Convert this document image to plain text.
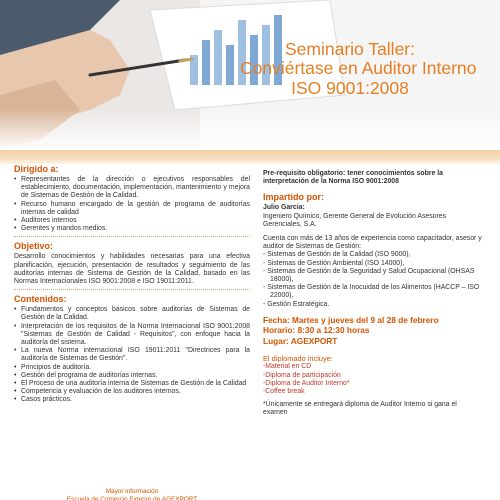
Seminario Taller:
Conviértase en Auditor Interno
ISO 9001:2008
Dirigido a:
• Representantes de la dirección o ejecutivos responsables del establecimiento, documentación, implementación, mantenimiento y mejora de Sistemas de Gestión de la Calidad.
• Recurso humano encargado de la gestión de programa de auditorías internas de calidad
• Auditores internos
• Gerentes y mandos medios.
Objetivo:
Desarrollo conocimientos y habilidades necesarias para una efectiva planificación, ejecución, presentación de resultados y seguimiento de las auditorías internas de Sistema de Gestión de la Calidad, basado en las Normas Internacionales ISO 9001:2008 e ISO 19011:2011.
Contenidos:
• Fundamentos y conceptos básicos sobre auditorías de Sistemas de Gestión de la Calidad.
• Interpretación de los requisitos de la Norma Internacional ISO 9001:2008 "Sistemas de Gestión de Calidad - Requisitos", con enfoque hacia la auditoría del sistema.
• La nueva Norma internacional ISO 19011:2011 "Directrices para la auditoría de Sistemas de Gestión".
• Principios de auditoría.
• Gestión del programa de auditorías internas.
• El Proceso de una auditoría interna de Sistemas de Gestión de la Calidad
• Competencia y evaluación de los auditores internos.
• Casos prácticos.
Mayor información
Escuela de Comercio Exterior de AGEXPORT
Pre-requisito obligatorio: tener conocimientos sobre la interpretación de la Norma ISO 9001:2008
Impartido por:
Julio Garcia:
Ingeniero Químico, Gerente General de Evolución Asesores Gerenciales, S.A.
Cuenta con más de 13 años de experiencia como capacitador, asesor y auditor de Sistemas de Gestión:
- Sistemas de Gestión de la Calidad (ISO 9000),
- Sistemas de Gestión Ambiental (ISO 14000),
- Sistemas de Gestión de la Seguridad y Salud Ocupacional (OHSAS 18000),
- Sistemas de Gestión de la Inocuidad de los Alimentos (HACCP – ISO 22000),
- Gestión Estratégica.
Fecha: Martes y jueves del 9 al 28 de febrero
Horario: 8:30 a 12:30 horas
Lugar: AGEXPORT
El diplomado incluye:
-Material en CD
-Diploma de participación
-Diploma de Auditor Interno*
-Coffee break
*Únicamente se entregará diploma de Auditor Interno si gana el examen
